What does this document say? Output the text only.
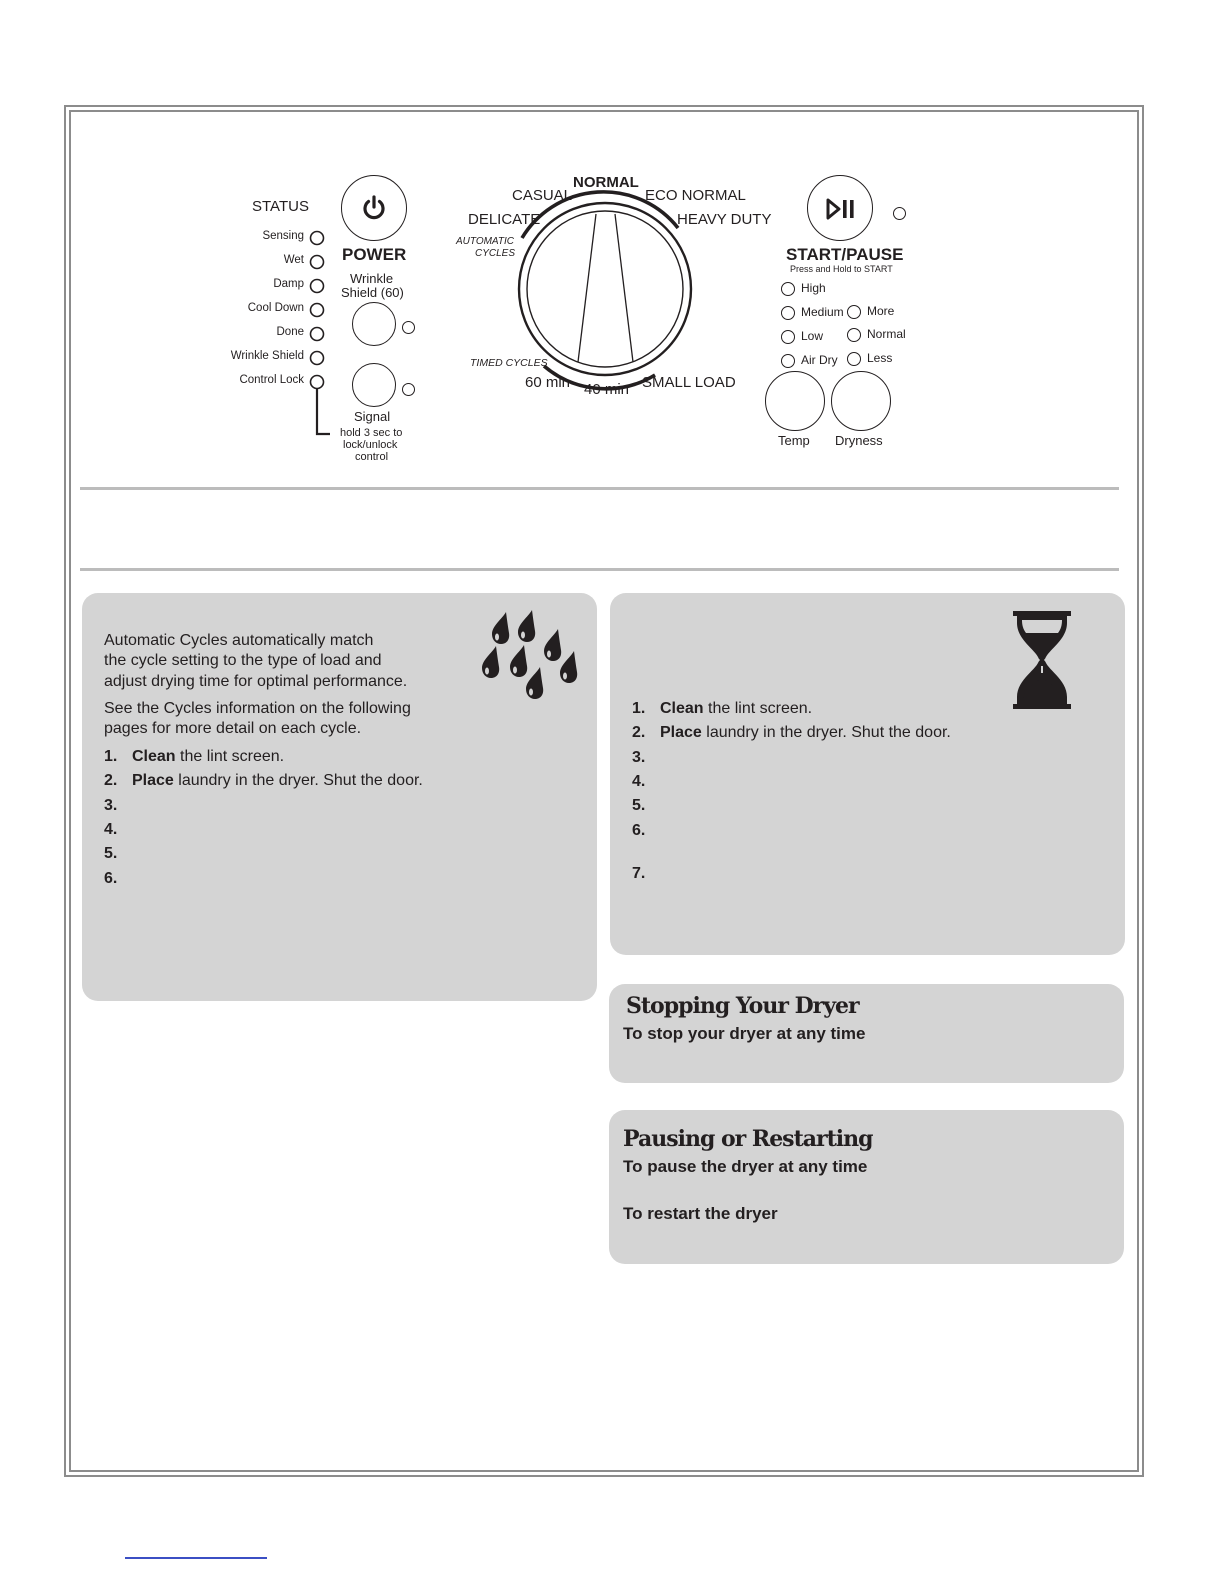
STATUS
Sensing
Wet
Damp
Cool Down
Done
Wrinkle Shield
Control Lock
POWER
Wrinkle
Shield (60)
Signal
hold 3 sec to
lock/unlock
control
CASUAL
NORMAL
ECO NORMAL
DELICATE	HEAVY DUTY
AUTOMATIC
CYCLES
TIMED CYCLES
60 min 40 min SMALL LOAD
START/PAUSE
Press and Hold to START
High
Medium
Low
Air Dry
More
Normal
Less
Temp Dryness
Automatic Cycles automatically match
the cycle setting to the type of load and
adjust drying time for optimal performance.
See the Cycles information on the following
pages for more detail on each cycle.
1. Clean the lint screen.
2. Place laundry in the dryer. Shut the door.
3.
4.
5.
6.
1. Clean the lint screen.
2. Place laundry in the dryer. Shut the door.
3.
4.
5.
6.
7.
Stopping Your Dryer
To stop your dryer at any time
Pausing or Restarting
To pause the dryer at any time
To restart the dryer
